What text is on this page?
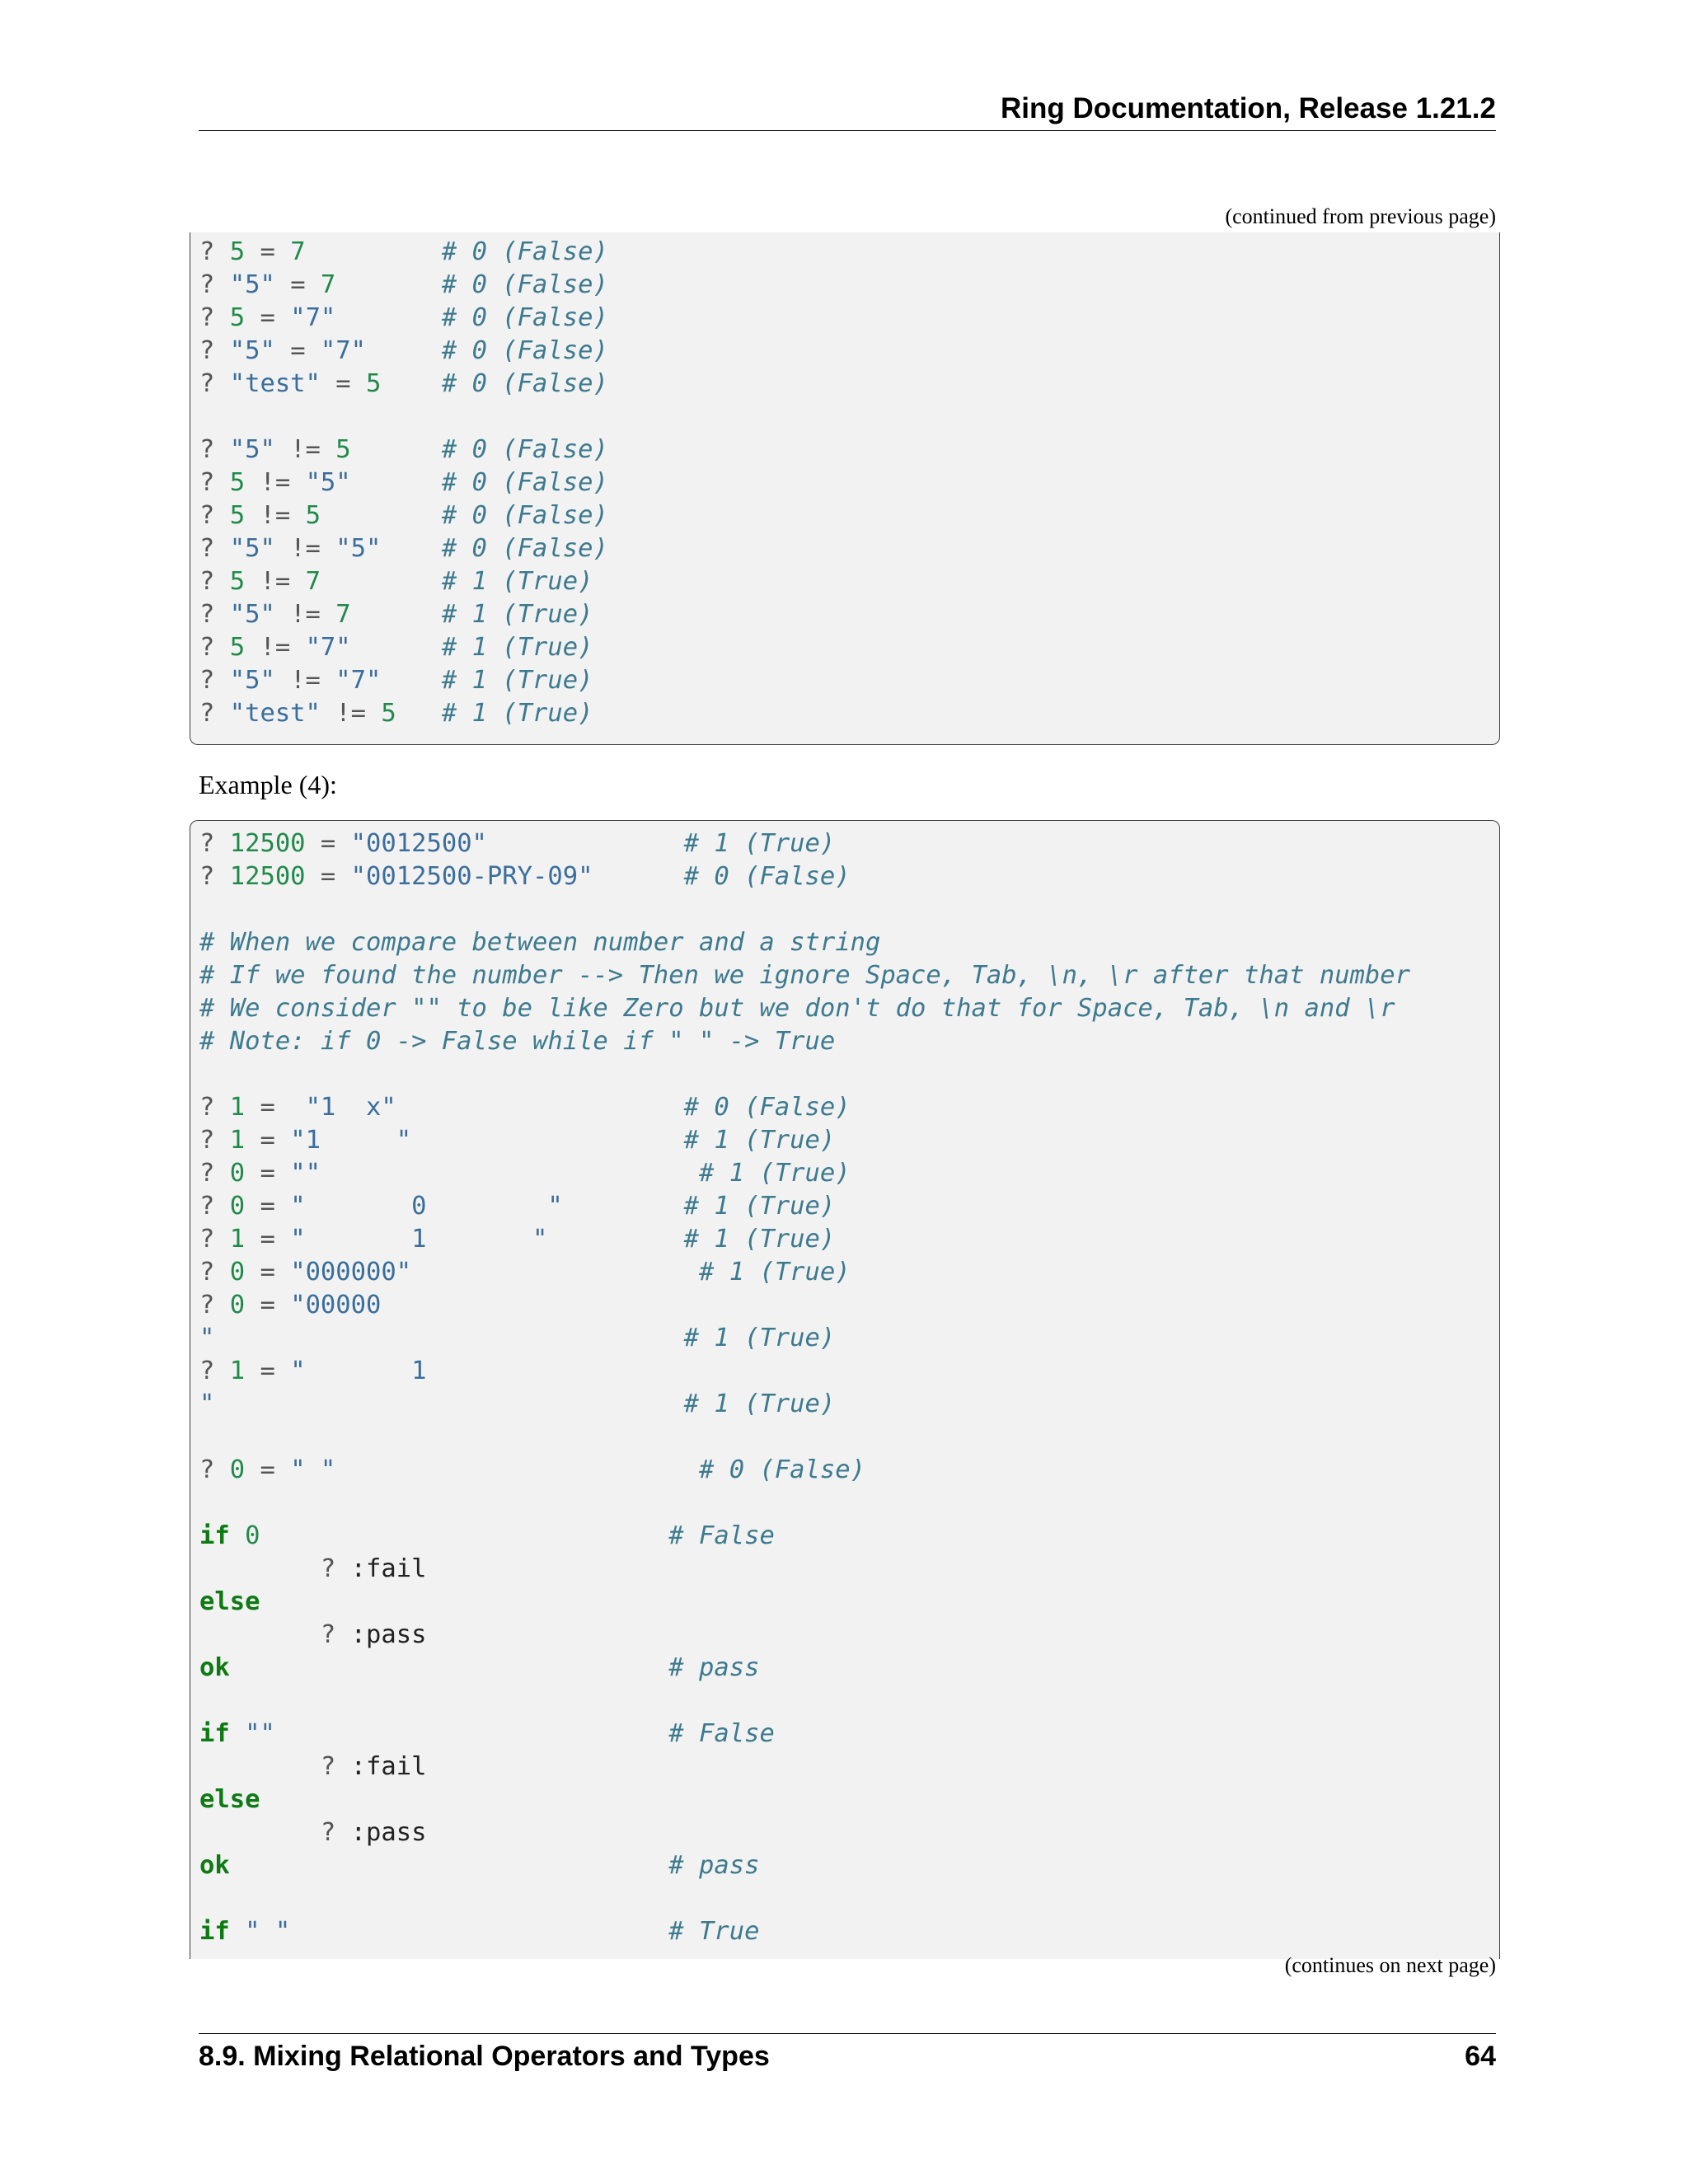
Ring Documentation, Release 1.21.2
(continued from previous page)
? 5 = 7	# 0 (False)
? "5" = 7	# 0 (False)
? 5 = "7"	# 0 (False)
? "5" = "7"	# 0 (False)
? "test" = 5 # 0 (False)
? "5" != 5	# 0 (False)
? 5 != "5"	# 0 (False)
? 5 != 5	# 0 (False)
? "5" != "5" # 0 (False)
? 5 != 7	# 1 (True)
? "5" != 7	# 1 (True)
? 5 != "7"	# 1 (True)
? "5" != "7" # 1 (True)
? "test" != 5 # 1 (True)
Example (4):
? 12500 = "0012500"	# 1 (True)
? 12500 = "0012500-PRY-09"	# 0 (False)
# When we compare between number and a string
# If we found the number --> Then we ignore Space, Tab, \n, \r after that number
# We consider "" to be like Zero but we don't do that for Space, Tab, \n and \r
# Note: if 0 -> False while if " " -> True
? 1 =  "1  x"	# 0 (False)
? 1 = "1     "	# 1 (True)
? 0 = ""	# 1 (True)
? 0 = "       0        "	# 1 (True)
? 1 = "       1       "	# 1 (True)
? 0 = "000000"	# 1 (True)
? 0 = "00000
"	# 1 (True)
? 1 = "       1
"	# 1 (True)
? 0 = " "	# 0 (False)
if 0	# False
? :fail
else
? :pass
ok	# pass
if ""	# False
? :fail
else
? :pass
ok	# pass
if " "	# True
(continues on next page)
8.9. Mixing Relational Operators and Types	64
